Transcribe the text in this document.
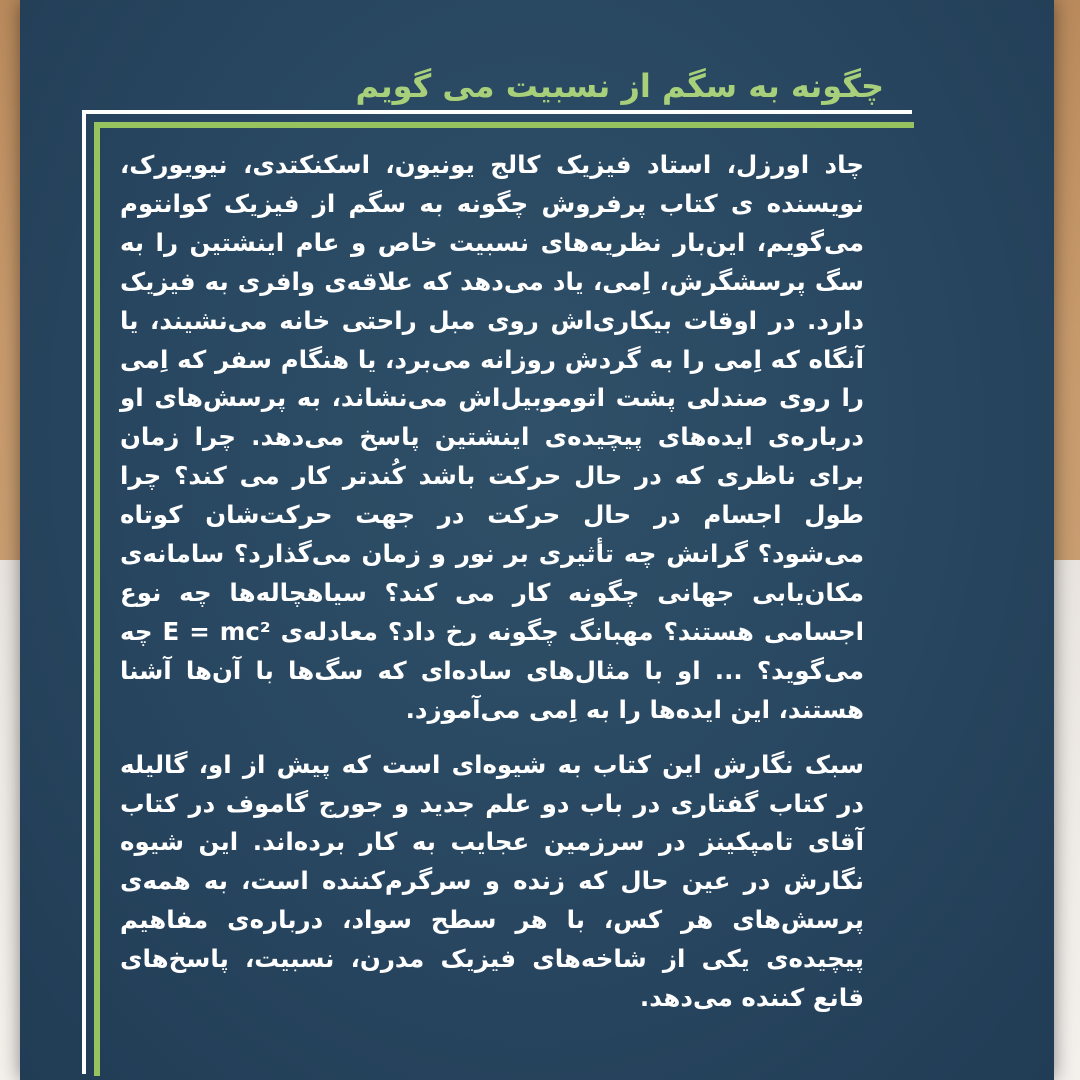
چگونه به سگم از نسبیت می گویم

چاد اورزل، استاد فیزیک کالج یونیون، اسکنکتدی، نیویورک، نویسنده ی کتاب پرفروش چگونه به سگم از فیزیک کوانتوم می‌گویم، این‌بار نظریه‌های نسبیت خاص و عام اینشتین را به سگ پرسشگرش، اِمی، یاد می‌دهد که علاقه‌ی وافری به فیزیک دارد. در اوقات بیکاری‌اش روی مبل راحتی خانه می‌نشیند، یا آنگاه که اِمی را به گردش روزانه می‌برد، یا هنگام سفر که اِمی را روی صندلی پشت اتوموبیل‌اش می‌نشاند، به پرسش‌های او درباره‌ی ایده‌های پیچیده‌ی اینشتین پاسخ می‌دهد. چرا زمان برای ناظری که در حال حرکت باشد کُندتر کار می کند؟ چرا طول اجسام در حال حرکت در جهت حرکت‌شان کوتاه می‌شود؟ گرانش چه تأثیری بر نور و زمان می‌گذارد؟ سامانه‌ی مکان‌یابی جهانی چگونه کار می کند؟ سیاهچاله‌ها چه نوع اجسامی هستند؟ مهبانگ چگونه رخ داد؟ معادله‌ی E = mc² چه می‌گوید؟ ... او با مثال‌های ساده‌ای که سگ‌ها با آن‌ها آشنا هستند، این ایده‌ها را به اِمی می‌آموزد.

سبک نگارش این کتاب به شیوه‌ای است که پیش از او، گالیله در کتاب گفتاری در باب دو علم جدید و جورج گاموف در کتاب آقای تامپکینز در سرزمین عجایب به کار برده‌اند. این شیوه نگارش در عین حال که زنده و سرگرم‌کننده است، به همه‌ی پرسش‌های هر کس، با هر سطح سواد، درباره‌ی مفاهیم پیچیده‌ی یکی از شاخه‌های فیزیک مدرن، نسبیت، پاسخ‌های قانع کننده می‌دهد.
